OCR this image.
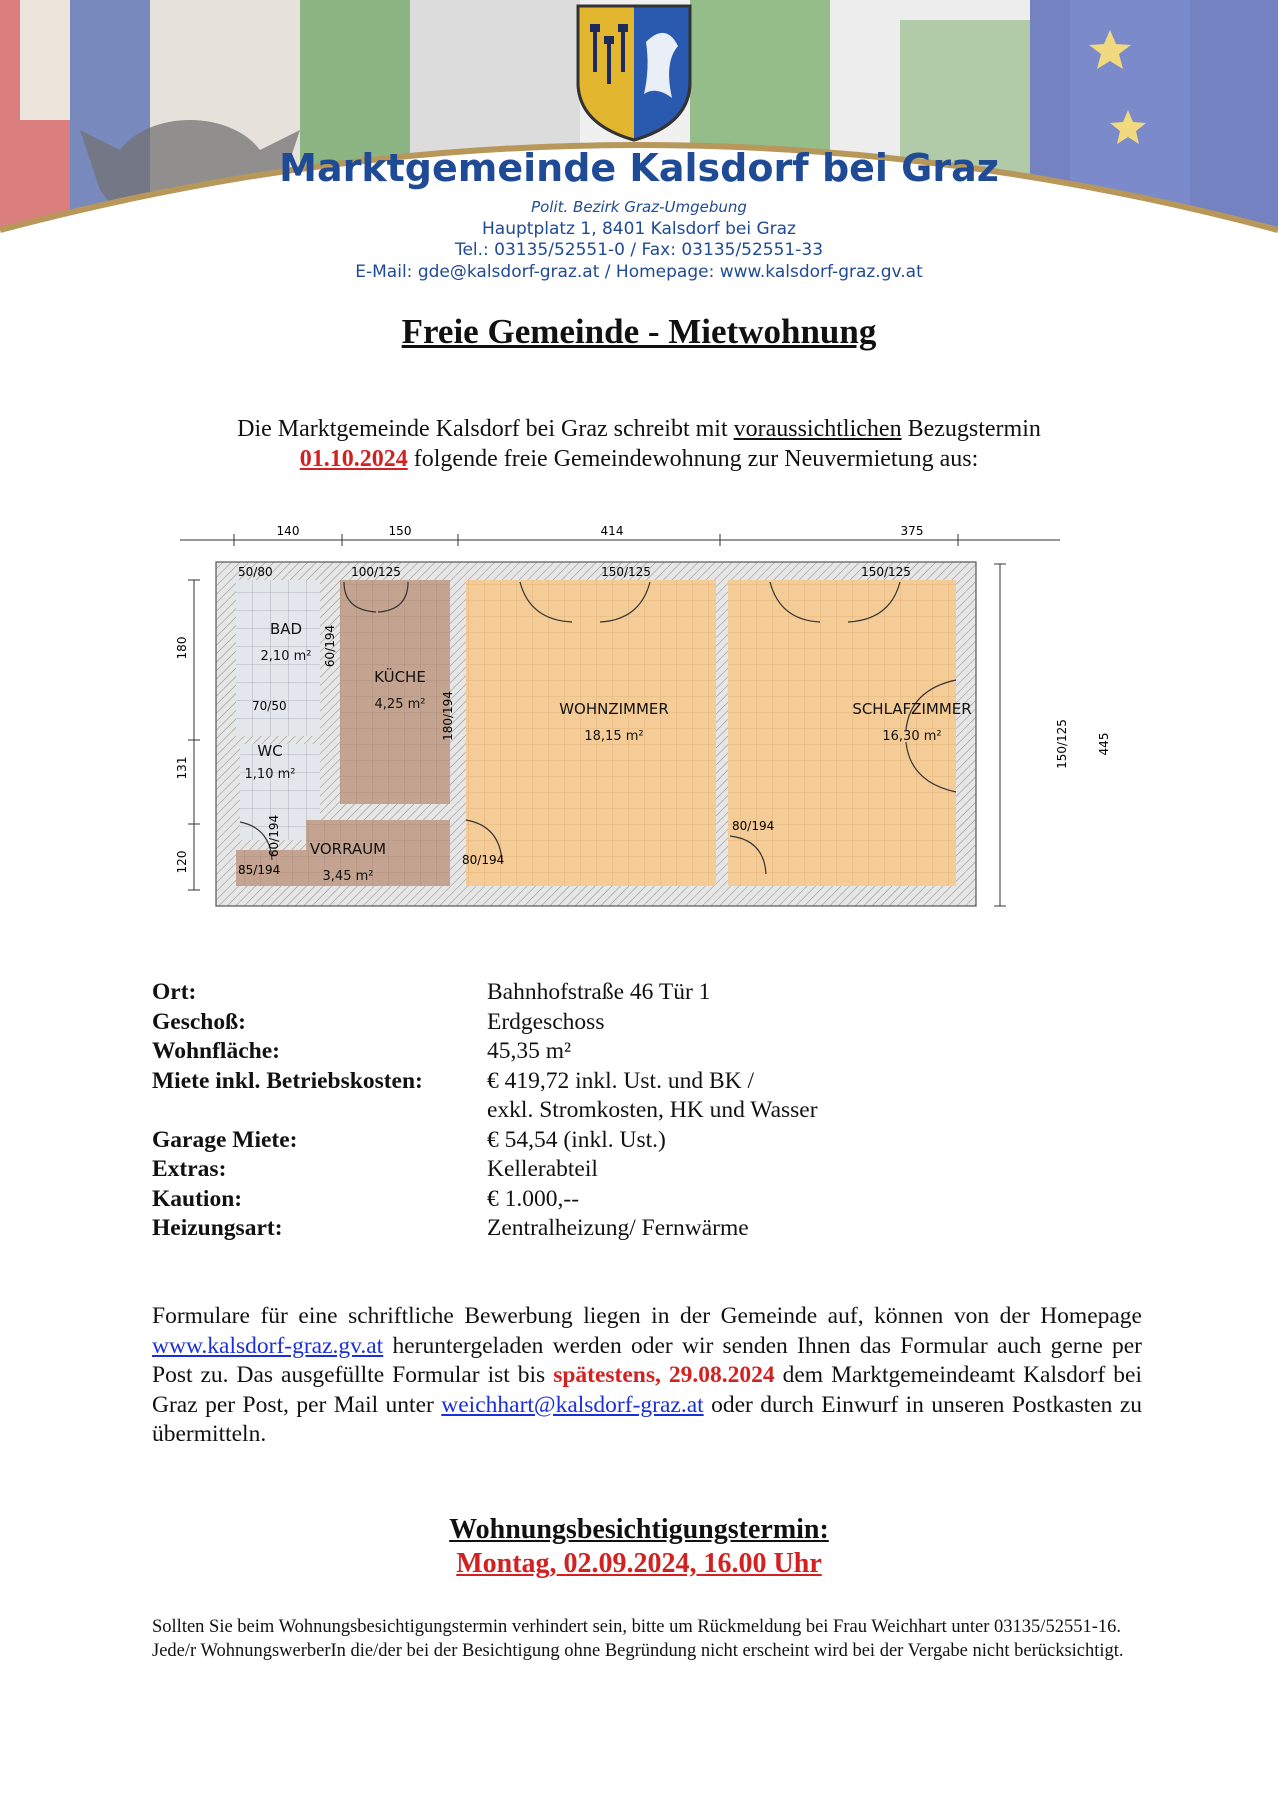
Marktgemeinde Kalsdorf bei Graz
Polit. Bezirk Graz-Umgebung
Hauptplatz 1, 8401 Kalsdorf bei Graz
Tel.: 03135/52551-0 / Fax: 03135/52551-33
E-Mail: gde@kalsdorf-graz.at / Homepage: www.kalsdorf-graz.gv.at
Freie Gemeinde - Mietwohnung
Die Marktgemeinde Kalsdorf bei Graz schreibt mit voraussichtlichen Bezugstermin
01.10.2024 folgende freie Gemeindewohnung zur Neuvermietung aus:
140	150	414	375
180
131
120
445
50/80	100/125	150/125	150/125
60/194
180/194
70/50
60/194
85/194
80/194
80/194
150/125
BAD
2,10 m²
KÜCHE
4,25 m²	WOHNZIMMER
18,15 m²
SCHLAFZIMMER
16,30 m²
WC
1,10 m²
VORRAUM
3,45 m²
Ort:	Bahnhofstraße 46 Tür 1
Geschoß:	Erdgeschoss
Wohnfläche:	45,35 m²
Miete inkl. Betriebskosten:	€ 419,72 inkl. Ust. und BK /
exkl. Stromkosten, HK und Wasser
Garage Miete:	€ 54,54 (inkl. Ust.)
Extras:	Kellerabteil
Kaution:	€ 1.000,--
Heizungsart:	Zentralheizung/ Fernwärme
Formulare für eine schriftliche Bewerbung liegen in der Gemeinde auf, können von der Homepage www.kalsdorf-graz.gv.at heruntergeladen werden oder wir senden Ihnen das Formular auch gerne per Post zu. Das ausgefüllte Formular ist bis spätestens, 29.08.2024 dem Marktgemeindeamt Kalsdorf bei Graz per Post, per Mail unter weichhart@kalsdorf-graz.at oder durch Einwurf in unseren Postkasten zu übermitteln.
Wohnungsbesichtigungstermin:
Montag, 02.09.2024, 16.00 Uhr
Sollten Sie beim Wohnungsbesichtigungstermin verhindert sein, bitte um Rückmeldung bei Frau Weichhart unter 03135/52551-16. Jede/r WohnungswerberIn die/der bei der Besichtigung ohne Begründung nicht erscheint wird bei der Vergabe nicht berücksichtigt.
